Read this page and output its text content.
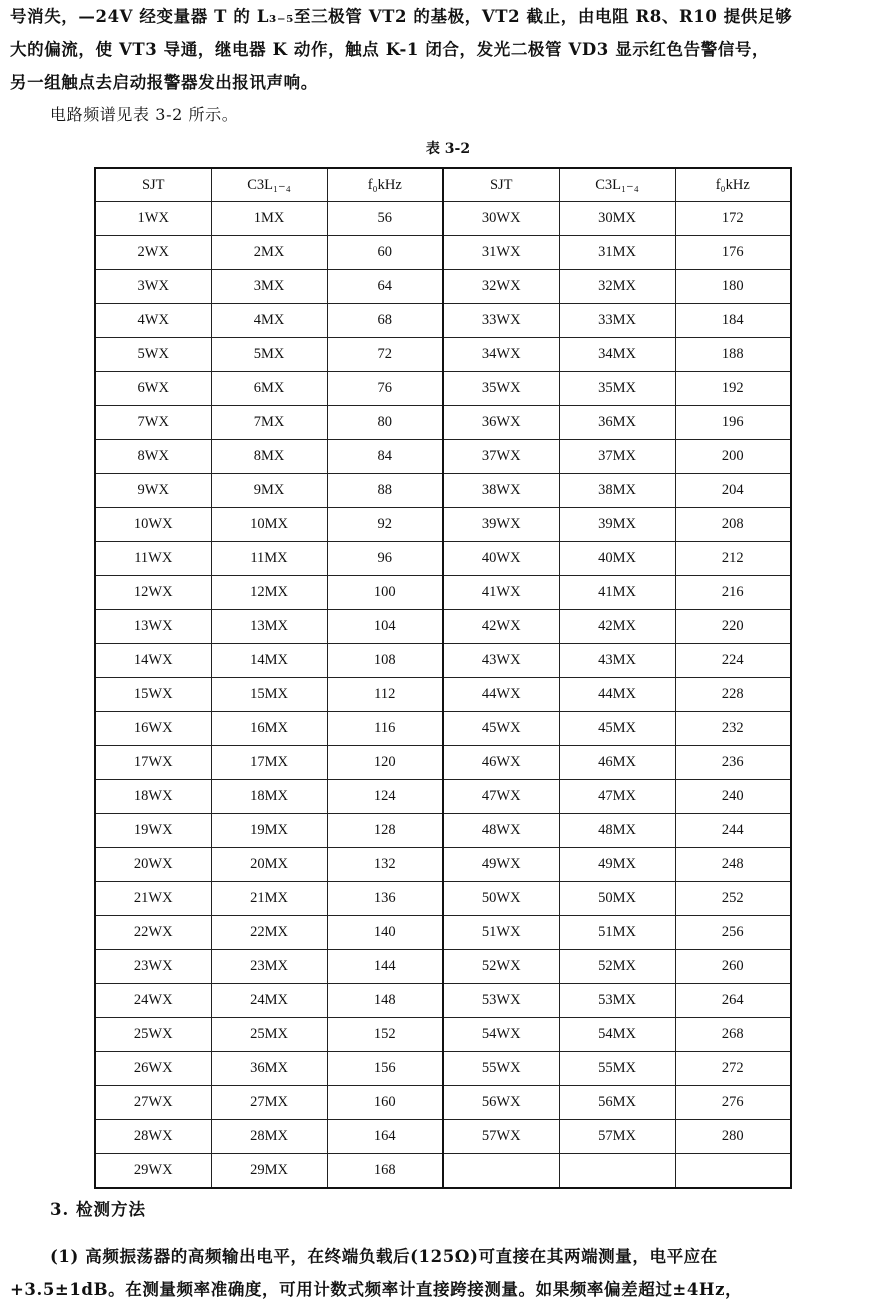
号消失，—24V 经变量器 T 的 L₃₋₅至三极管 VT2 的基极，VT2 截止，由电阻 R8、R10 提供足够
大的偏流，使 VT3 导通，继电器 K 动作，触点 K-1 闭合，发光二极管 VD3 显示红色告警信号，
另一组触点去启动报警器发出报讯声响。
电路频谱见表 3-2 所示。
表 3-2
SJT	C3L₁₋₄	f₀kHz	SJT	C3L₁₋₄	f₀kHz
1WX	1MX	56	30WX	30MX	172
2WX	2MX	60	31WX	31MX	176
3WX	3MX	64	32WX	32MX	180
4WX	4MX	68	33WX	33MX	184
5WX	5MX	72	34WX	34MX	188
6WX	6MX	76	35WX	35MX	192
7WX	7MX	80	36WX	36MX	196
8WX	8MX	84	37WX	37MX	200
9WX	9MX	88	38WX	38MX	204
10WX	10MX	92	39WX	39MX	208
11WX	11MX	96	40WX	40MX	212
12WX	12MX	100	41WX	41MX	216
13WX	13MX	104	42WX	42MX	220
14WX	14MX	108	43WX	43MX	224
15WX	15MX	112	44WX	44MX	228
16WX	16MX	116	45WX	45MX	232
17WX	17MX	120	46WX	46MX	236
18WX	18MX	124	47WX	47MX	240
19WX	19MX	128	48WX	48MX	244
20WX	20MX	132	49WX	49MX	248
21WX	21MX	136	50WX	50MX	252
22WX	22MX	140	51WX	51MX	256
23WX	23MX	144	52WX	52MX	260
24WX	24MX	148	53WX	53MX	264
25WX	25MX	152	54WX	54MX	268
26WX	36MX	156	55WX	55MX	272
27WX	27MX	160	56WX	56MX	276
28WX	28MX	164	57WX	57MX	280
29WX	29MX	168			
3. 检测方法

(1) 高频振荡器的高频输出电平，在终端负载后(125Ω)可直接在其两端测量，电平应在

+3.5±1dB。在测量频率准确度，可用计数式频率计直接跨接测量。如果频率偏差超过±4Hz，
